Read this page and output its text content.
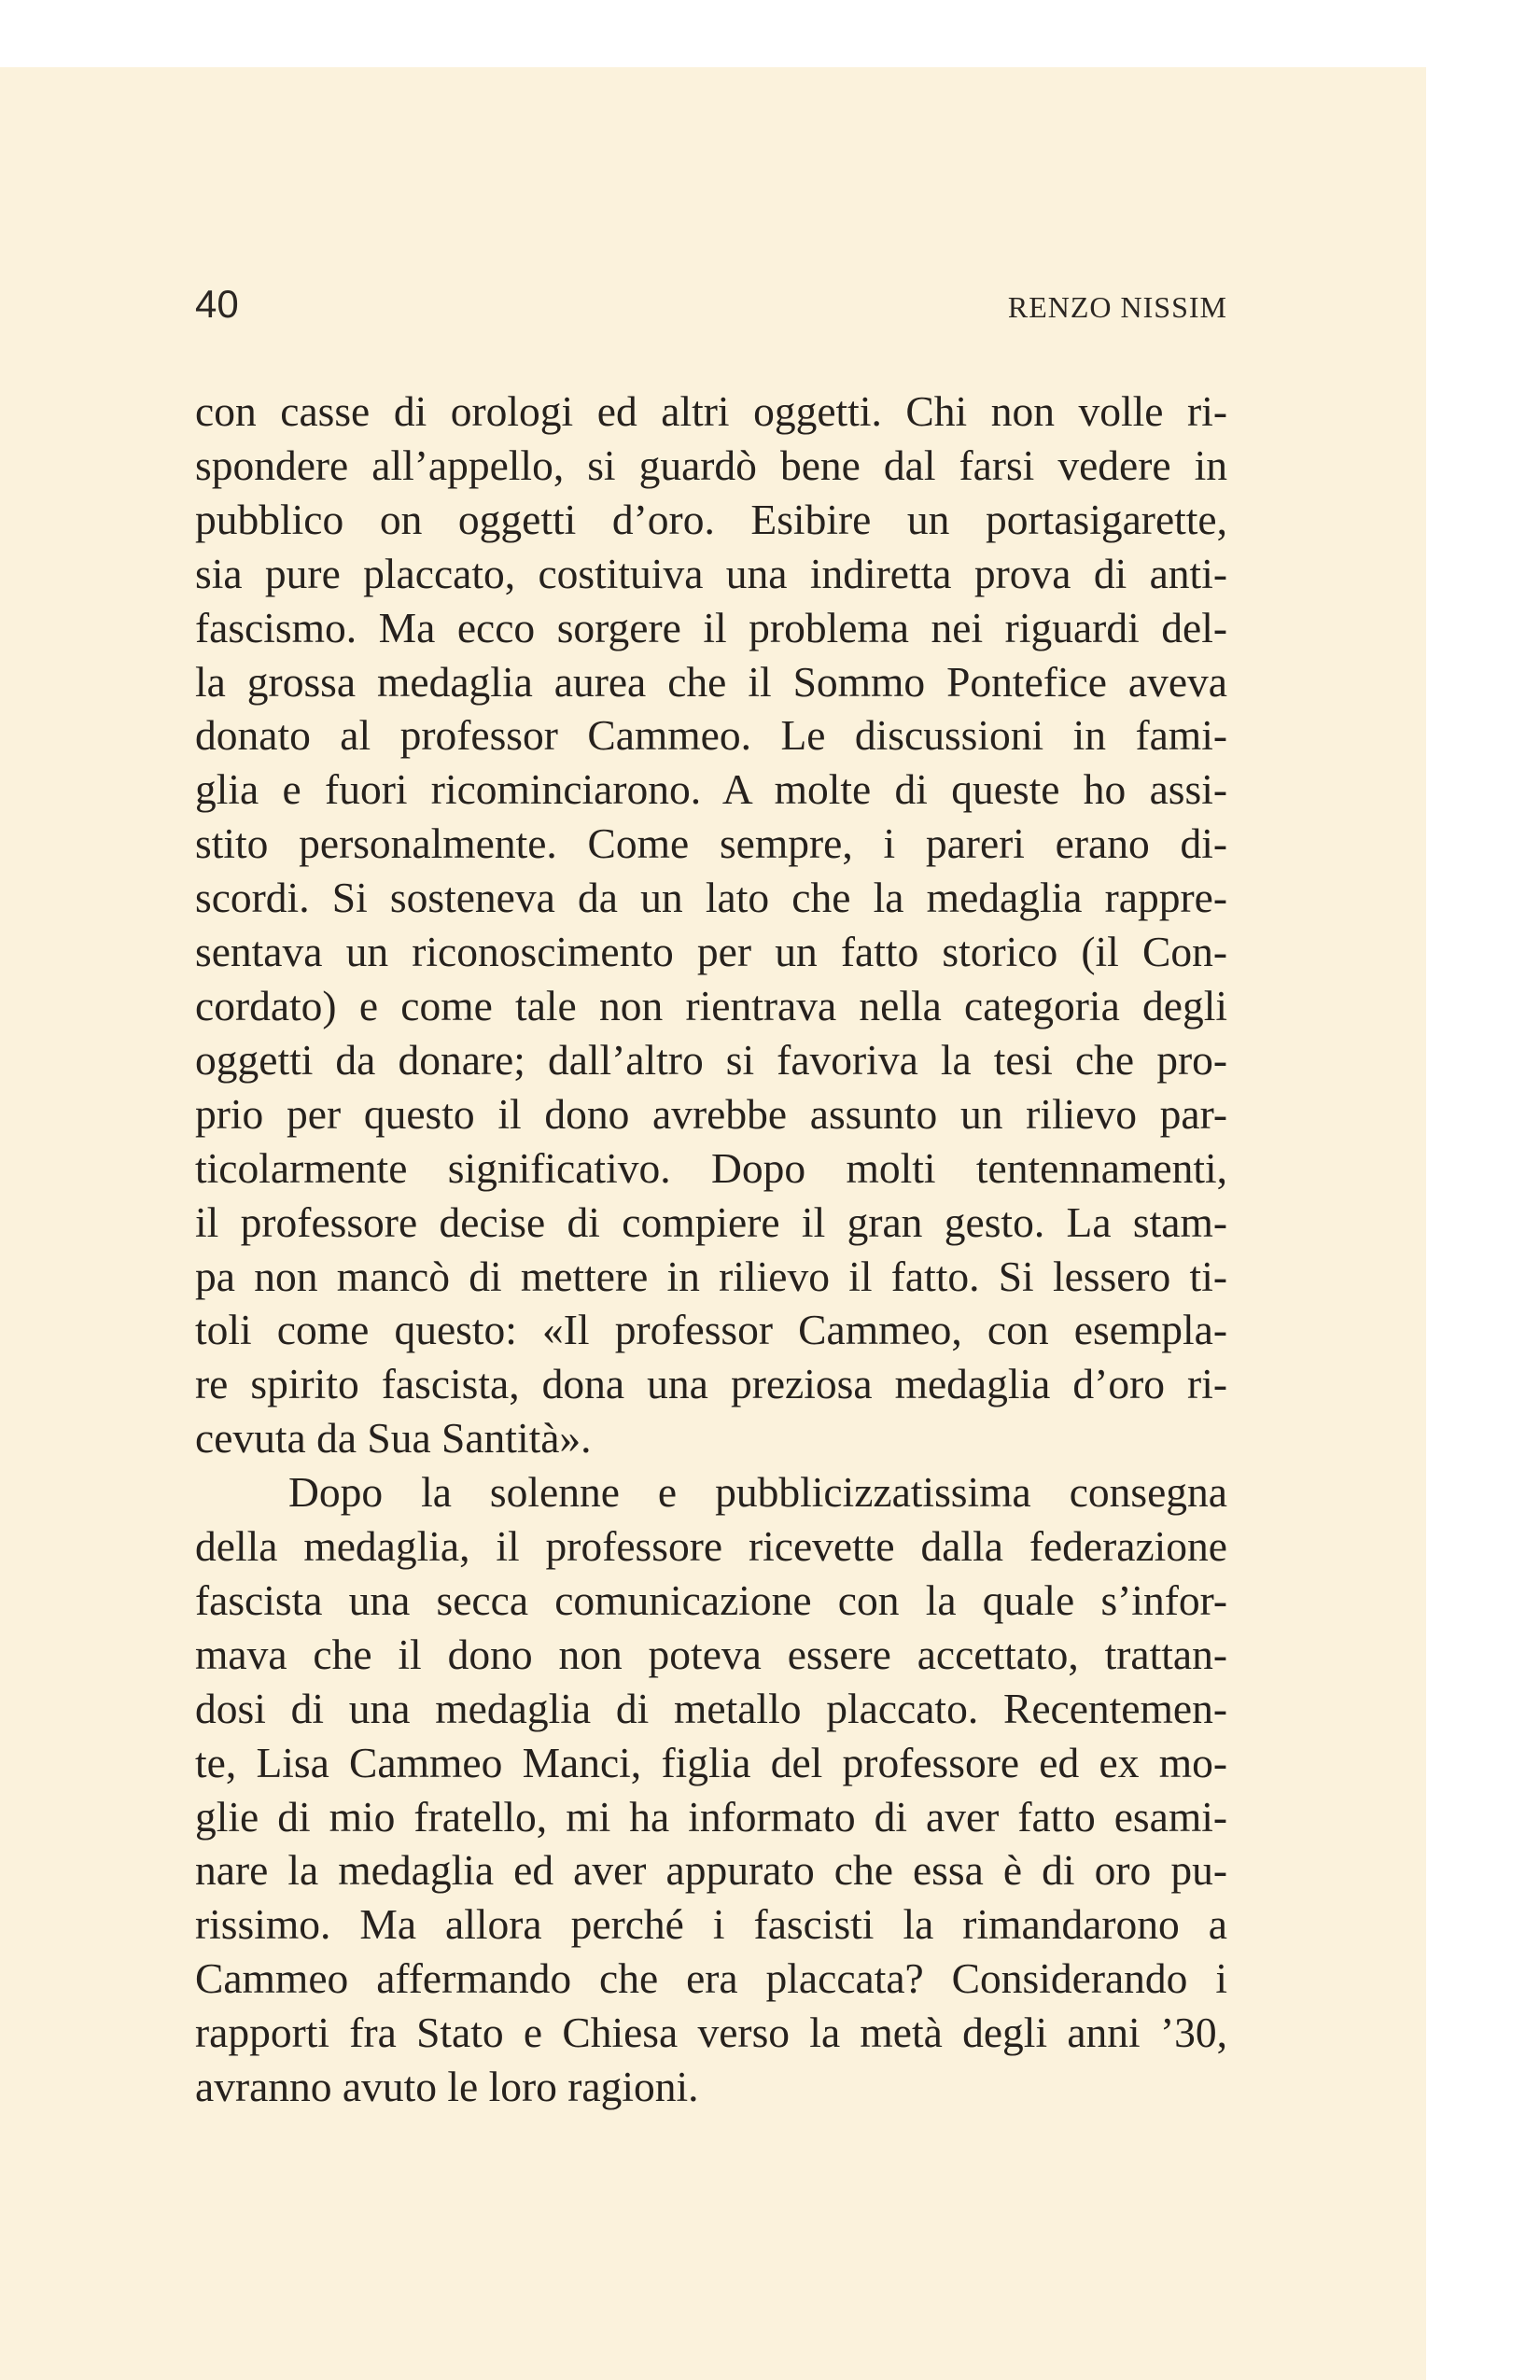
40	RENZO NISSIM
con casse di orologi ed altri oggetti. Chi non volle ri-
spondere all’appello, si guardò bene dal farsi vedere in
pubblico on oggetti d’oro. Esibire un portasigarette,
sia pure placcato, costituiva una indiretta prova di anti-
fascismo. Ma ecco sorgere il problema nei riguardi del-
la grossa medaglia aurea che il Sommo Pontefice aveva
donato al professor Cammeo. Le discussioni in fami-
glia e fuori ricominciarono. A molte di queste ho assi-
stito personalmente. Come sempre, i pareri erano di-
scordi. Si sosteneva da un lato che la medaglia rappre-
sentava un riconoscimento per un fatto storico (il Con-
cordato) e come tale non rientrava nella categoria degli
oggetti da donare; dall’altro si favoriva la tesi che pro-
prio per questo il dono avrebbe assunto un rilievo par-
ticolarmente significativo. Dopo molti tentennamenti,
il professore decise di compiere il gran gesto. La stam-
pa non mancò di mettere in rilievo il fatto. Si lessero ti-
toli come questo: «Il professor Cammeo, con esempla-
re spirito fascista, dona una preziosa medaglia d’oro ri-
cevuta da Sua Santità».
Dopo la solenne e pubblicizzatissima consegna
della medaglia, il professore ricevette dalla federazione
fascista una secca comunicazione con la quale s’infor-
mava che il dono non poteva essere accettato, trattan-
dosi di una medaglia di metallo placcato. Recentemen-
te, Lisa Cammeo Manci, figlia del professore ed ex mo-
glie di mio fratello, mi ha informato di aver fatto esami-
nare la medaglia ed aver appurato che essa è di oro pu-
rissimo. Ma allora perché i fascisti la rimandarono a
Cammeo affermando che era placcata? Considerando i
rapporti fra Stato e Chiesa verso la metà degli anni ’30,
avranno avuto le loro ragioni.
